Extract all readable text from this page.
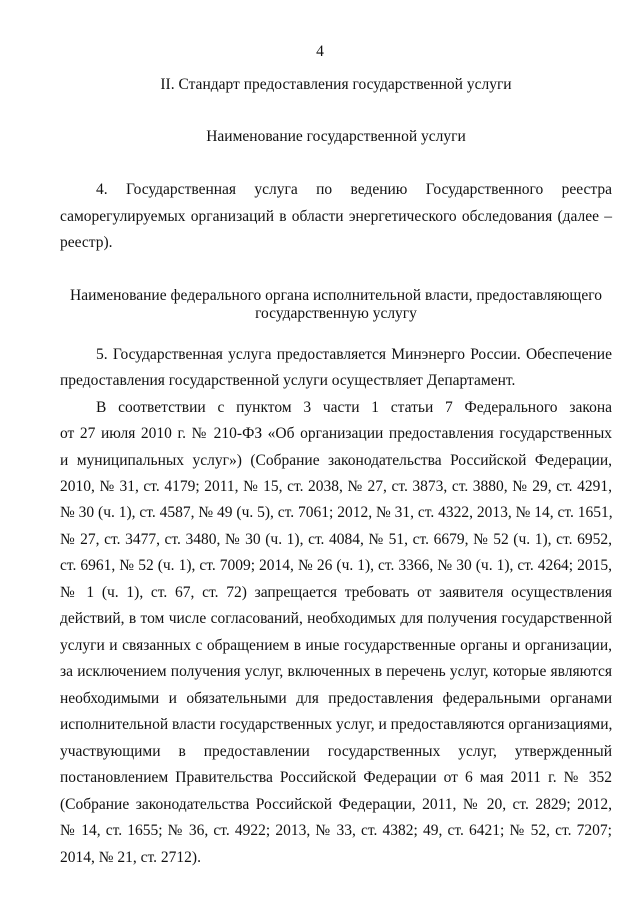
4
II. Стандарт предоставления государственной услуги
Наименование государственной услуги
4. Государственная услуга по ведению Государственного реестра
саморегулируемых организаций в области энергетического обследования (далее –
реестр).
Наименование федерального органа исполнительной власти, предоставляющего
государственную услугу
5. Государственная услуга предоставляется Минэнерго России. Обеспечение
предоставления государственной услуги осуществляет Департамент.
В соответствии с пунктом 3 части 1 статьи 7 Федерального закона
от 27 июля 2010 г. № 210-ФЗ «Об организации предоставления государственных
и муниципальных услуг») (Собрание законодательства Российской Федерации,
2010, № 31, ст. 4179; 2011, № 15, ст. 2038, № 27, ст. 3873, ст. 3880, № 29, ст. 4291,
№ 30 (ч. 1), ст. 4587, № 49 (ч. 5), ст. 7061; 2012, № 31, ст. 4322, 2013, № 14, ст. 1651,
№ 27, ст. 3477, ст. 3480, № 30 (ч. 1), ст. 4084, № 51, ст. 6679, № 52 (ч. 1), ст. 6952,
ст. 6961, № 52 (ч. 1), ст. 7009; 2014, № 26 (ч. 1), ст. 3366, № 30 (ч. 1), ст. 4264; 2015,
№ 1 (ч. 1), ст. 67, ст. 72) запрещается требовать от заявителя осуществления
действий, в том числе согласований, необходимых для получения государственной
услуги и связанных с обращением в иные государственные органы и организации,
за исключением получения услуг, включенных в перечень услуг, которые являются
необходимыми и обязательными для предоставления федеральными органами
исполнительной власти государственных услуг, и предоставляются организациями,
участвующими в предоставлении государственных услуг, утвержденный
постановлением Правительства Российской Федерации от 6 мая 2011 г. № 352
(Собрание законодательства Российской Федерации, 2011, № 20, ст. 2829; 2012,
№ 14, ст. 1655; № 36, ст. 4922; 2013, № 33, ст. 4382; 49, ст. 6421; № 52, ст. 7207;
2014, № 21, ст. 2712).
